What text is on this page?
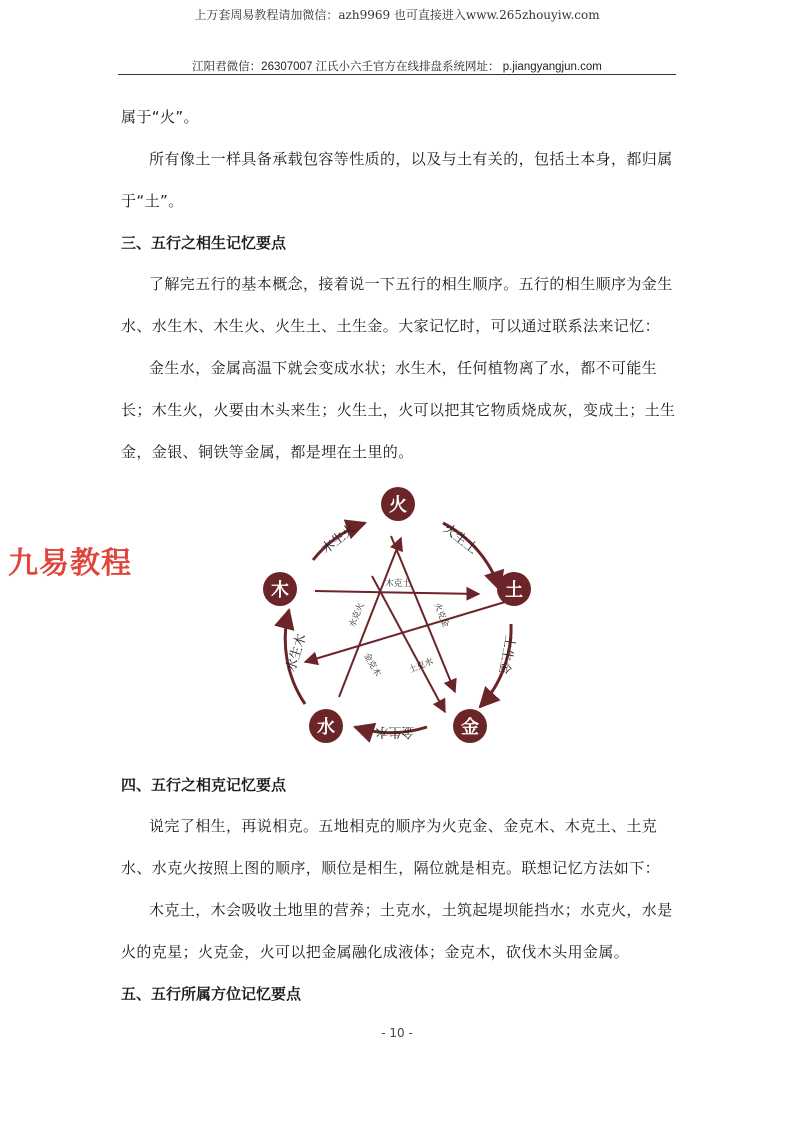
上万套周易教程请加微信：azh9969 也可直接进入www.265zhouyiw.com
江阳君微信：26307007 江氏小六壬官方在线排盘系统网址： p.jiangyangjun.com

属于“火”。

所有像土一样具备承载包容等性质的，以及与土有关的，包括土本身，都归属于“土”。

三、五行之相生记忆要点

了解完五行的基本概念，接着说一下五行的相生顺序。五行的相生顺序为金生水、水生木、木生火、火生土、土生金。大家记忆时，可以通过联系法来记忆：

金生水，金属高温下就会变成水状；水生木，任何植物离了水，都不可能生长；木生火，火要由木头来生；火生土，火可以把其它物质烧成灰，变成土；土生金，金银、铜铁等金属，都是埋在土里的。

九易教程
火
土
金
水
木
木生火	火生土
土生金
金生水
水生木
木克土
水克火	火克金
金克木	土克水

四、五行之相克记忆要点

说完了相生，再说相克。五地相克的顺序为火克金、金克木、木克土、土克水、水克火按照上图的顺序，顺位是相生，隔位就是相克。联想记忆方法如下：

木克土，木会吸收土地里的营养；土克水，土筑起堤坝能挡水；水克火，水是火的克星；火克金，火可以把金属融化成液体；金克木，砍伐木头用金属。

五、五行所属方位记忆要点

- 10 -
